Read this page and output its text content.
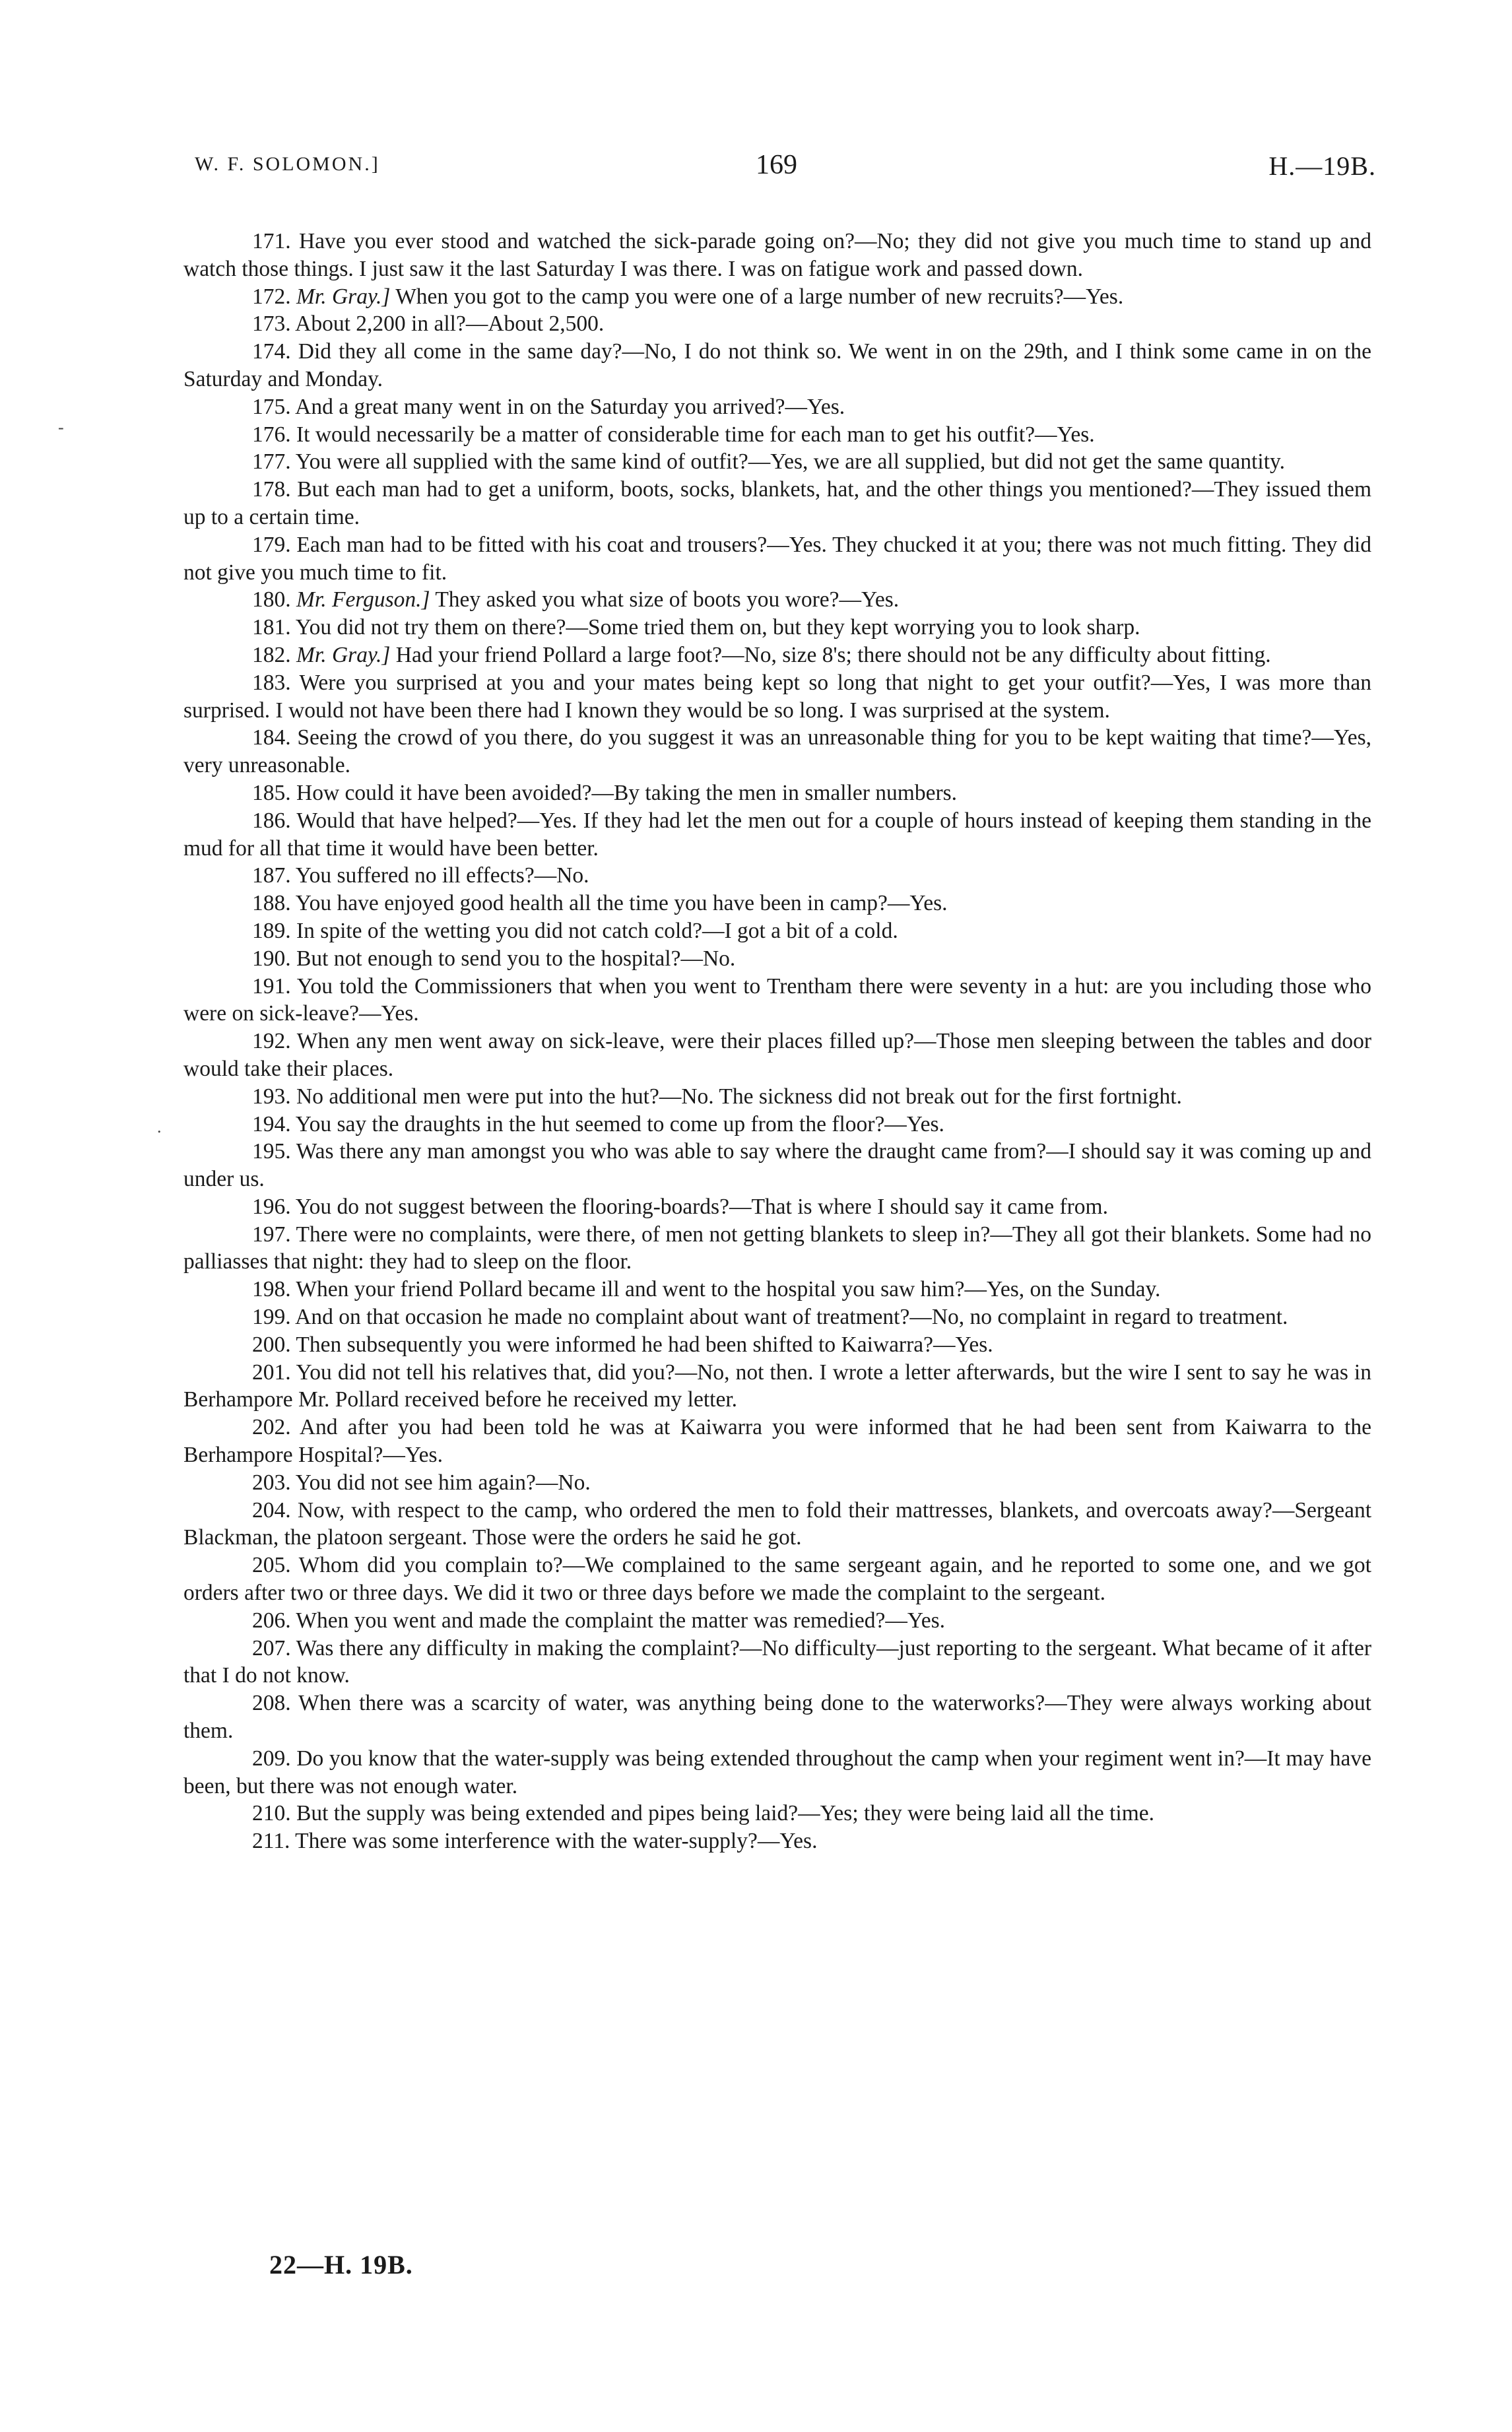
W. F. SOLOMON.]	169	H.—19B.

171. Have you ever stood and watched the sick-parade going on?—No; they did not give you much time to stand up and watch those things. I just saw it the last Saturday I was there. I was on fatigue work and passed down.

172. Mr. Gray.] When you got to the camp you were one of a large number of new recruits?—Yes.

173. About 2,200 in all?—About 2,500.

174. Did they all come in the same day?—No, I do not think so. We went in on the 29th, and I think some came in on the Saturday and Monday.

175. And a great many went in on the Saturday you arrived?—Yes.

176. It would necessarily be a matter of considerable time for each man to get his outfit?—Yes.

177. You were all supplied with the same kind of outfit?—Yes, we are all supplied, but did not get the same quantity.

178. But each man had to get a uniform, boots, socks, blankets, hat, and the other things you mentioned?—They issued them up to a certain time.

179. Each man had to be fitted with his coat and trousers?—Yes. They chucked it at you; there was not much fitting. They did not give you much time to fit.

180. Mr. Ferguson.] They asked you what size of boots you wore?—Yes.

181. You did not try them on there?—Some tried them on, but they kept worrying you to look sharp.

182. Mr. Gray.] Had your friend Pollard a large foot?—No, size 8's; there should not be any difficulty about fitting.

183. Were you surprised at you and your mates being kept so long that night to get your outfit?—Yes, I was more than surprised. I would not have been there had I known they would be so long. I was surprised at the system.

184. Seeing the crowd of you there, do you suggest it was an unreasonable thing for you to be kept waiting that time?—Yes, very unreasonable.

185. How could it have been avoided?—By taking the men in smaller numbers.

186. Would that have helped?—Yes. If they had let the men out for a couple of hours instead of keeping them standing in the mud for all that time it would have been better.

187. You suffered no ill effects?—No.

188. You have enjoyed good health all the time you have been in camp?—Yes.

189. In spite of the wetting you did not catch cold?—I got a bit of a cold.

190. But not enough to send you to the hospital?—No.

191. You told the Commissioners that when you went to Trentham there were seventy in a hut: are you including those who were on sick-leave?—Yes.

192. When any men went away on sick-leave, were their places filled up?—Those men sleeping between the tables and door would take their places.

193. No additional men were put into the hut?—No. The sickness did not break out for the first fortnight.

194. You say the draughts in the hut seemed to come up from the floor?—Yes.

195. Was there any man amongst you who was able to say where the draught came from?—I should say it was coming up and under us.

196. You do not suggest between the flooring-boards?—That is where I should say it came from.

197. There were no complaints, were there, of men not getting blankets to sleep in?—They all got their blankets. Some had no palliasses that night: they had to sleep on the floor.

198. When your friend Pollard became ill and went to the hospital you saw him?—Yes, on the Sunday.

199. And on that occasion he made no complaint about want of treatment?—No, no complaint in regard to treatment.

200. Then subsequently you were informed he had been shifted to Kaiwarra?—Yes.

201. You did not tell his relatives that, did you?—No, not then. I wrote a letter afterwards, but the wire I sent to say he was in Berhampore Mr. Pollard received before he received my letter.

202. And after you had been told he was at Kaiwarra you were informed that he had been sent from Kaiwarra to the Berhampore Hospital?—Yes.

203. You did not see him again?—No.

204. Now, with respect to the camp, who ordered the men to fold their mattresses, blankets, and overcoats away?—Sergeant Blackman, the platoon sergeant. Those were the orders he said he got.

205. Whom did you complain to?—We complained to the same sergeant again, and he reported to some one, and we got orders after two or three days. We did it two or three days before we made the complaint to the sergeant.

206. When you went and made the complaint the matter was remedied?—Yes.

207. Was there any difficulty in making the complaint?—No difficulty—just reporting to the sergeant. What became of it after that I do not know.

208. When there was a scarcity of water, was anything being done to the waterworks?—They were always working about them.

209. Do you know that the water-supply was being extended throughout the camp when your regiment went in?—It may have been, but there was not enough water.

210. But the supply was being extended and pipes being laid?—Yes; they were being laid all the time.

211. There was some interference with the water-supply?—Yes.

22—H. 19B.
-
.
